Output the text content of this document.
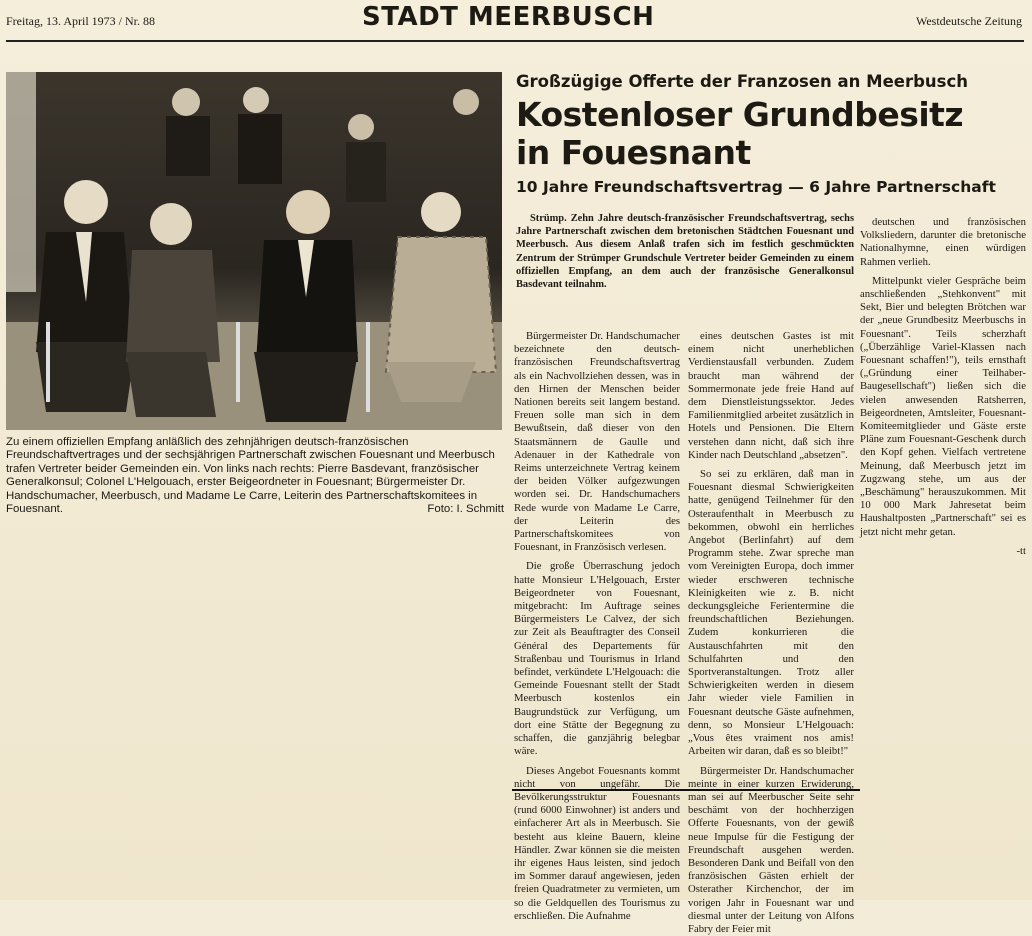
Freitag, 13. April 1973 / Nr. 88	STADT MEERBUSCH	Westdeutsche Zeitung
Zu einem offiziellen Empfang anläßlich des zehnjährigen deutsch-französischen Freundschaftvertrages und der sechsjährigen Partnerschaft zwischen Fouesnant und Meerbusch trafen Vertreter beider Gemeinden ein. Von links nach rechts: Pierre Basdevant, französischer Generalkonsul; Colonel L'Helgouach, erster Beigeordneter in Fouesnant; Bürgermeister Dr. Handschumacher, Meerbusch, und Madame Le Carre, Leiterin des Partnerschaftskomitees in Fouesnant.	Foto: I. Schmitt
Großzügige Offerte der Franzosen an Meerbusch
Kostenloser Grundbesitz
in Fouesnant
10 Jahre Freundschaftsvertrag — 6 Jahre Partnerschaft
Strümp. Zehn Jahre deutsch-französischer Freundschaftsvertrag, sechs Jahre Partnerschaft zwischen dem bretonischen Städtchen Fouesnant und Meerbusch. Aus diesem Anlaß trafen sich im festlich geschmückten Zentrum der Strümper Grundschule Vertreter beider Gemeinden zu einem offiziellen Empfang, an dem auch der französische Generalkonsul Basdevant teilnahm.

Bürgermeister Dr. Handschumacher bezeichnete den deutsch-französischen Freundschaftsvertrag als ein Nachvollziehen dessen, was in den Hirnen der Menschen beider Nationen bereits seit langem bestand. Freuen solle man sich in dem Bewußtsein, daß dieser von den Staatsmännern de Gaulle und Adenauer in der Kathedrale von Reims unterzeichnete Vertrag keinem der beiden Völker aufgezwungen worden sei. Dr. Handschumachers Rede wurde von Madame Le Carre, der Leiterin des Partnerschaftskomitees von Fouesnant, in Französisch verlesen.

Die große Überraschung jedoch hatte Monsieur L'Helgouach, Erster Beigeordneter von Fouesnant, mitgebracht: Im Auftrage seines Bürgermeisters Le Calvez, der sich zur Zeit als Beauftragter des Conseil Général des Departements für Straßenbau und Tourismus in Irland befindet, verkündete L'Helgouach: die Gemeinde Fouesnant stellt der Stadt Meerbusch kostenlos ein Baugrundstück zur Verfügung, um dort eine Stätte der Begegnung zu schaffen, die ganzjährig belegbar wäre.

Dieses Angebot Fouesnants kommt nicht von ungefähr. Die Bevölkerungsstruktur Fouesnants (rund 6000 Einwohner) ist anders und einfacherer Art als in Meerbusch. Sie besteht aus kleine Bauern, kleine Händler. Zwar können sie die meisten ihr eigenes Haus leisten, sind jedoch im Sommer darauf angewiesen, jeden freien Quadratmeter zu vermieten, um so die Geldquellen des Tourismus zu erschließen. Die Aufnahme

eines deutschen Gastes ist mit einem nicht unerheblichen Verdienstausfall verbunden. Zudem braucht man während der Sommermonate jede freie Hand auf dem Dienstleistungssektor. Jedes Familienmitglied arbeitet zusätzlich in Hotels und Pensionen. Die Eltern verstehen dann nicht, daß sich ihre Kinder nach Deutschland „absetzen".

So sei zu erklären, daß man in Fouesnant diesmal Schwierigkeiten hatte, genügend Teilnehmer für den Osteraufenthalt in Meerbusch zu bekommen, obwohl ein herrliches Angebot (Berlinfahrt) auf dem Programm stehe. Zwar spreche man vom Vereinigten Europa, doch immer wieder erschweren technische Kleinigkeiten wie z. B. nicht deckungsgleiche Ferientermine die freundschaftlichen Beziehungen. Zudem konkurrieren die Austauschfahrten mit den Schulfahrten und den Sportveranstaltungen. Trotz aller Schwierigkeiten werden in diesem Jahr wieder viele Familien in Fouesnant deutsche Gäste aufnehmen, denn, so Monsieur L'Helgouach: „Vous êtes vraiment nos amis! Arbeiten wir daran, daß es so bleibt!"

Bürgermeister Dr. Handschumacher meinte in einer kurzen Erwiderung, man sei auf Meerbuscher Seite sehr beschämt von der hochherzigen Offerte Fouesnants, von der gewiß neue Impulse für die Festigung der Freundschaft ausgehen werden. Besonderen Dank und Beifall von den französischen Gästen erhielt der Osterather Kirchenchor, der im vorigen Jahr in Fouesnant war und diesmal unter der Leitung von Alfons Fabry der Feier mit

deutschen und französischen Volksliedern, darunter die bretonische Nationalhymne, einen würdigen Rahmen verlieh.

Mittelpunkt vieler Gespräche beim anschließenden „Stehkonvent" mit Sekt, Bier und belegten Brötchen war der „neue Grundbesitz Meerbuschs in Fouesnant". Teils scherzhaft („Überzählige Variel-Klassen nach Fouesnant schaffen!"), teils ernsthaft („Gründung einer Teilhaber-Baugesellschaft") ließen sich die vielen anwesenden Ratsherren, Beigeordneten, Amtsleiter, Fouesnant-Komiteemitglieder und Gäste erste Pläne zum Fouesnant-Geschenk durch den Kopf gehen. Vielfach vertretene Meinung, daß Meerbusch jetzt im Zugzwang stehe, um aus der „Beschämung" herauszukommen. Mit 10 000 Mark Jahresetat beim Haushaltposten „Partnerschaft" sei es jetzt nicht mehr getan.

-tt
